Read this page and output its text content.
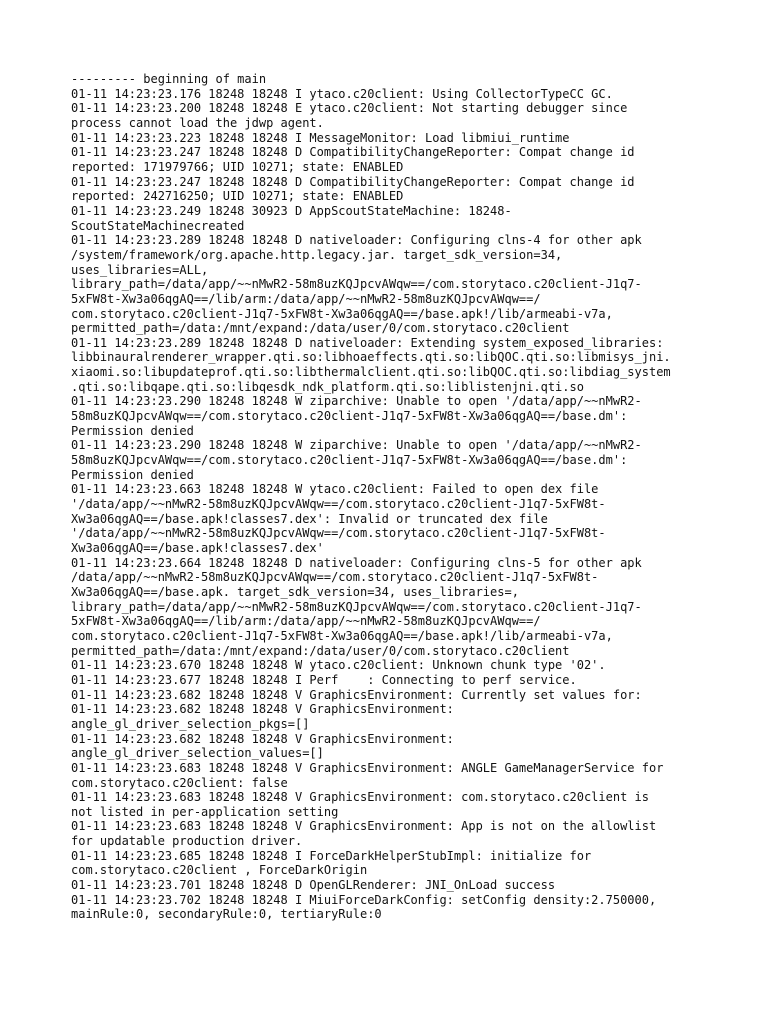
--------- beginning of main
01-11 14:23:23.176 18248 18248 I ytaco.c20client: Using CollectorTypeCC GC.
01-11 14:23:23.200 18248 18248 E ytaco.c20client: Not starting debugger since
process cannot load the jdwp agent.
01-11 14:23:23.223 18248 18248 I MessageMonitor: Load libmiui_runtime
01-11 14:23:23.247 18248 18248 D CompatibilityChangeReporter: Compat change id
reported: 171979766; UID 10271; state: ENABLED
01-11 14:23:23.247 18248 18248 D CompatibilityChangeReporter: Compat change id
reported: 242716250; UID 10271; state: ENABLED
01-11 14:23:23.249 18248 30923 D AppScoutStateMachine: 18248-
ScoutStateMachinecreated
01-11 14:23:23.289 18248 18248 D nativeloader: Configuring clns-4 for other apk
/system/framework/org.apache.http.legacy.jar. target_sdk_version=34,
uses_libraries=ALL,
library_path=/data/app/~~nMwR2-58m8uzKQJpcvAWqw==/com.storytaco.c20client-J1q7-
5xFW8t-Xw3a06qgAQ==/lib/arm:/data/app/~~nMwR2-58m8uzKQJpcvAWqw==/
com.storytaco.c20client-J1q7-5xFW8t-Xw3a06qgAQ==/base.apk!/lib/armeabi-v7a,
permitted_path=/data:/mnt/expand:/data/user/0/com.storytaco.c20client
01-11 14:23:23.289 18248 18248 D nativeloader: Extending system_exposed_libraries:
libbinauralrenderer_wrapper.qti.so:libhoaeffects.qti.so:libQOC.qti.so:libmisys_jni.
xiaomi.so:libupdateprof.qti.so:libthermalclient.qti.so:libQOC.qti.so:libdiag_system
.qti.so:libqape.qti.so:libqesdk_ndk_platform.qti.so:liblistenjni.qti.so
01-11 14:23:23.290 18248 18248 W ziparchive: Unable to open '/data/app/~~nMwR2-
58m8uzKQJpcvAWqw==/com.storytaco.c20client-J1q7-5xFW8t-Xw3a06qgAQ==/base.dm':
Permission denied
01-11 14:23:23.290 18248 18248 W ziparchive: Unable to open '/data/app/~~nMwR2-
58m8uzKQJpcvAWqw==/com.storytaco.c20client-J1q7-5xFW8t-Xw3a06qgAQ==/base.dm':
Permission denied
01-11 14:23:23.663 18248 18248 W ytaco.c20client: Failed to open dex file
'/data/app/~~nMwR2-58m8uzKQJpcvAWqw==/com.storytaco.c20client-J1q7-5xFW8t-
Xw3a06qgAQ==/base.apk!classes7.dex': Invalid or truncated dex file
'/data/app/~~nMwR2-58m8uzKQJpcvAWqw==/com.storytaco.c20client-J1q7-5xFW8t-
Xw3a06qgAQ==/base.apk!classes7.dex'
01-11 14:23:23.664 18248 18248 D nativeloader: Configuring clns-5 for other apk
/data/app/~~nMwR2-58m8uzKQJpcvAWqw==/com.storytaco.c20client-J1q7-5xFW8t-
Xw3a06qgAQ==/base.apk. target_sdk_version=34, uses_libraries=,
library_path=/data/app/~~nMwR2-58m8uzKQJpcvAWqw==/com.storytaco.c20client-J1q7-
5xFW8t-Xw3a06qgAQ==/lib/arm:/data/app/~~nMwR2-58m8uzKQJpcvAWqw==/
com.storytaco.c20client-J1q7-5xFW8t-Xw3a06qgAQ==/base.apk!/lib/armeabi-v7a,
permitted_path=/data:/mnt/expand:/data/user/0/com.storytaco.c20client
01-11 14:23:23.670 18248 18248 W ytaco.c20client: Unknown chunk type '02'.
01-11 14:23:23.677 18248 18248 I Perf    : Connecting to perf service.
01-11 14:23:23.682 18248 18248 V GraphicsEnvironment: Currently set values for:
01-11 14:23:23.682 18248 18248 V GraphicsEnvironment:
angle_gl_driver_selection_pkgs=[]
01-11 14:23:23.682 18248 18248 V GraphicsEnvironment:
angle_gl_driver_selection_values=[]
01-11 14:23:23.683 18248 18248 V GraphicsEnvironment: ANGLE GameManagerService for
com.storytaco.c20client: false
01-11 14:23:23.683 18248 18248 V GraphicsEnvironment: com.storytaco.c20client is
not listed in per-application setting
01-11 14:23:23.683 18248 18248 V GraphicsEnvironment: App is not on the allowlist
for updatable production driver.
01-11 14:23:23.685 18248 18248 I ForceDarkHelperStubImpl: initialize for
com.storytaco.c20client , ForceDarkOrigin
01-11 14:23:23.701 18248 18248 D OpenGLRenderer: JNI_OnLoad success
01-11 14:23:23.702 18248 18248 I MiuiForceDarkConfig: setConfig density:2.750000,
mainRule:0, secondaryRule:0, tertiaryRule:0
